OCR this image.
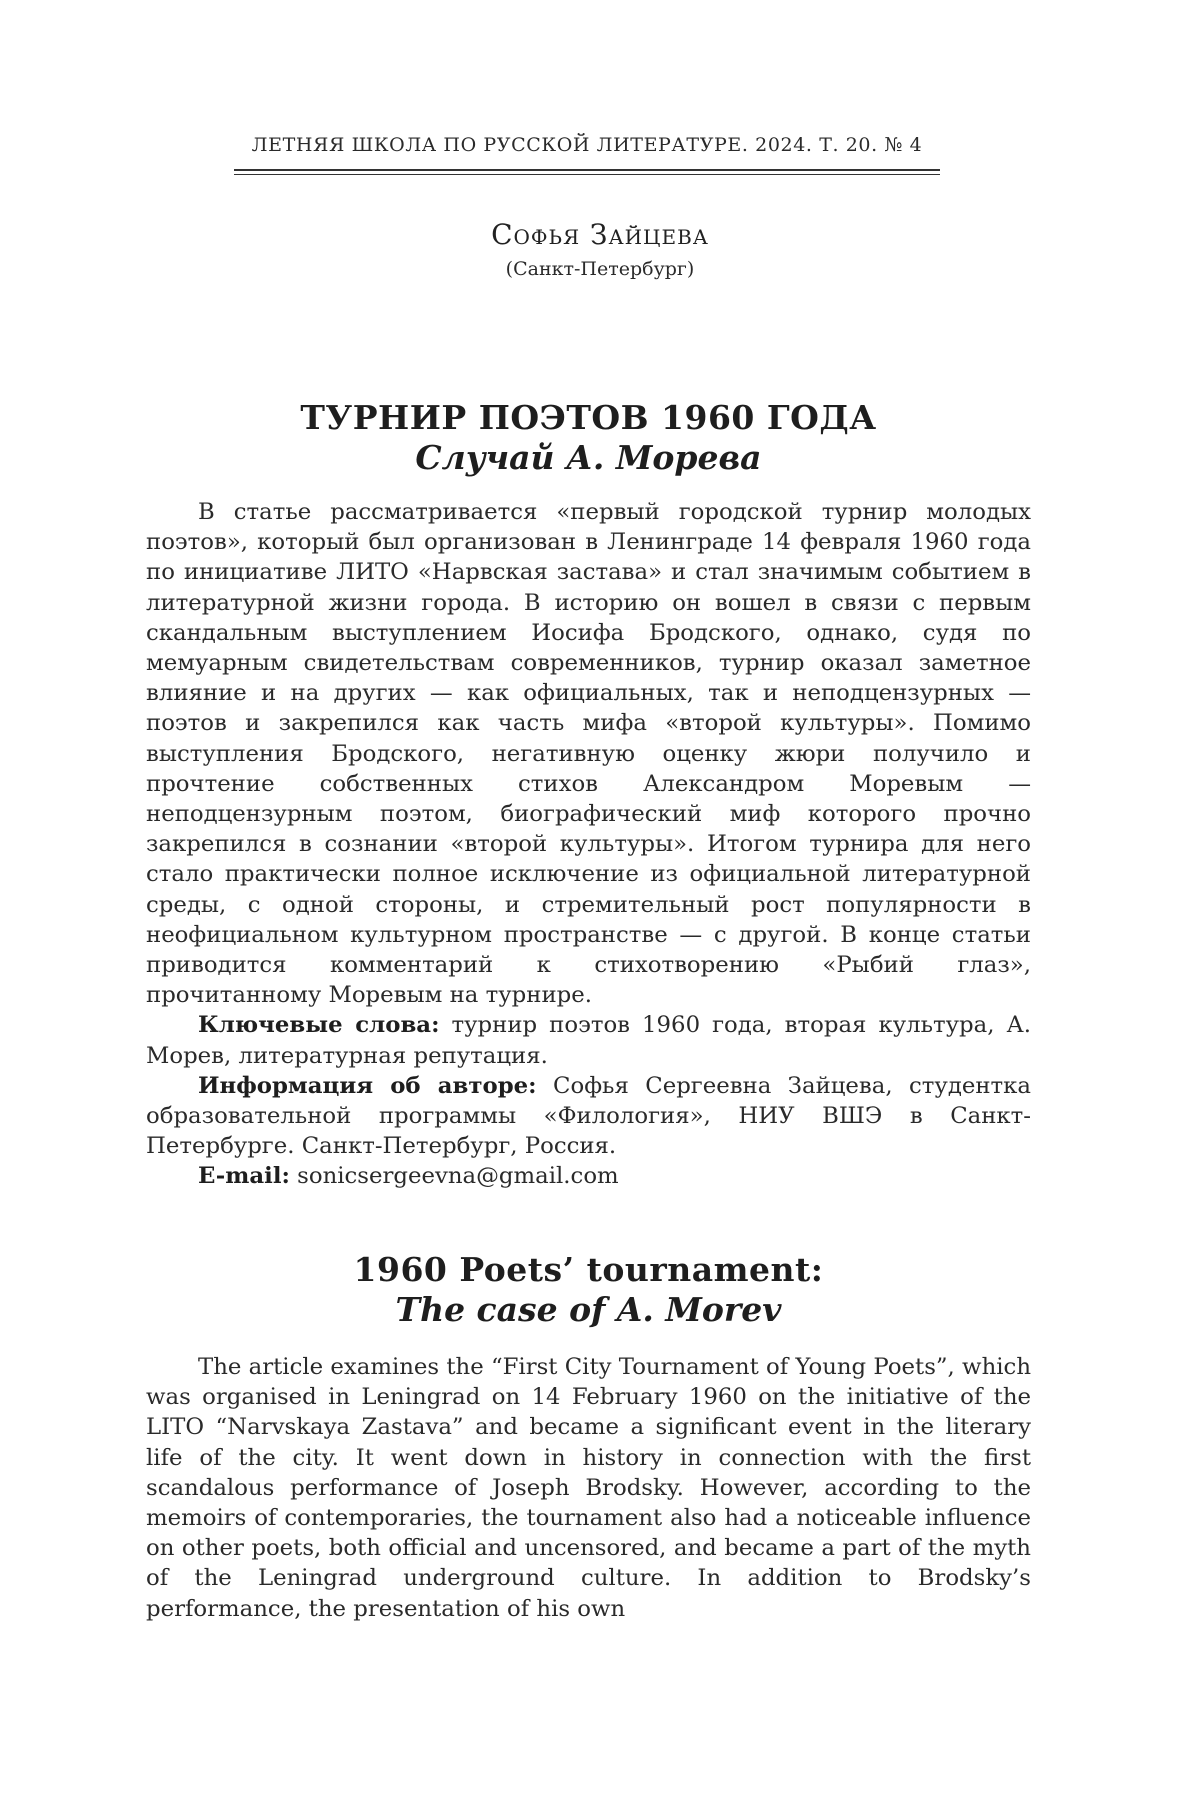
ЛЕТНЯЯ ШКОЛА ПО РУССКОЙ ЛИТЕРАТУРЕ. 2024. Т. 20. № 4
Софья Зайцева
(Санкт-Петербург)
ТУРНИР ПОЭТОВ 1960 ГОДА
Случай А. Морева

В статье рассматривается «первый городской турнир молодых поэтов», который был организован в Ленинграде 14 февраля 1960 года по инициативе ЛИТО «Нарвская застава» и стал значимым событием в литературной жизни города. В историю он вошел в связи с первым скандальным выступлением Иосифа Бродского, однако, судя по мемуарным свидетельствам современников, турнир оказал заметное влияние и на других — как официальных, так и неподцензурных — поэтов и закрепился как часть мифа «второй культуры». Помимо выступления Бродского, негативную оценку жюри получило и прочтение собственных стихов Александром Моревым — неподцензурным поэтом, биографический миф которого прочно закрепился в сознании «второй культуры». Итогом турнира для него стало практически полное исключение из официальной литературной среды, с одной стороны, и стремительный рост популярности в неофициальном культурном пространстве — с другой. В конце статьи приводится комментарий к стихотворению «Рыбий глаз», прочитанному Моревым на турнире.

Ключевые слова: турнир поэтов 1960 года, вторая культура, А. Морев, литературная репутация.

Информация об авторе: Софья Сергеевна Зайцева, студентка образовательной программы «Филология», НИУ ВШЭ в Санкт-Петербурге. Санкт-Петербург, Россия.

E-mail: sonicsergeevna@gmail.com

1960 Poets’ tournament:
The case of A. Morev

The article examines the “First City Tournament of Young Poets”, which was organised in Leningrad on 14 February 1960 on the initiative of the LITO “Narvskaya Zastava” and became a significant event in the literary life of the city. It went down in history in connection with the first scandalous performance of Joseph Brodsky. However, according to the memoirs of contemporaries, the tournament also had a noticeable influence on other poets, both official and uncensored, and became a part of the myth of the Leningrad underground culture. In addition to Brodsky’s performance, the presentation of his own
